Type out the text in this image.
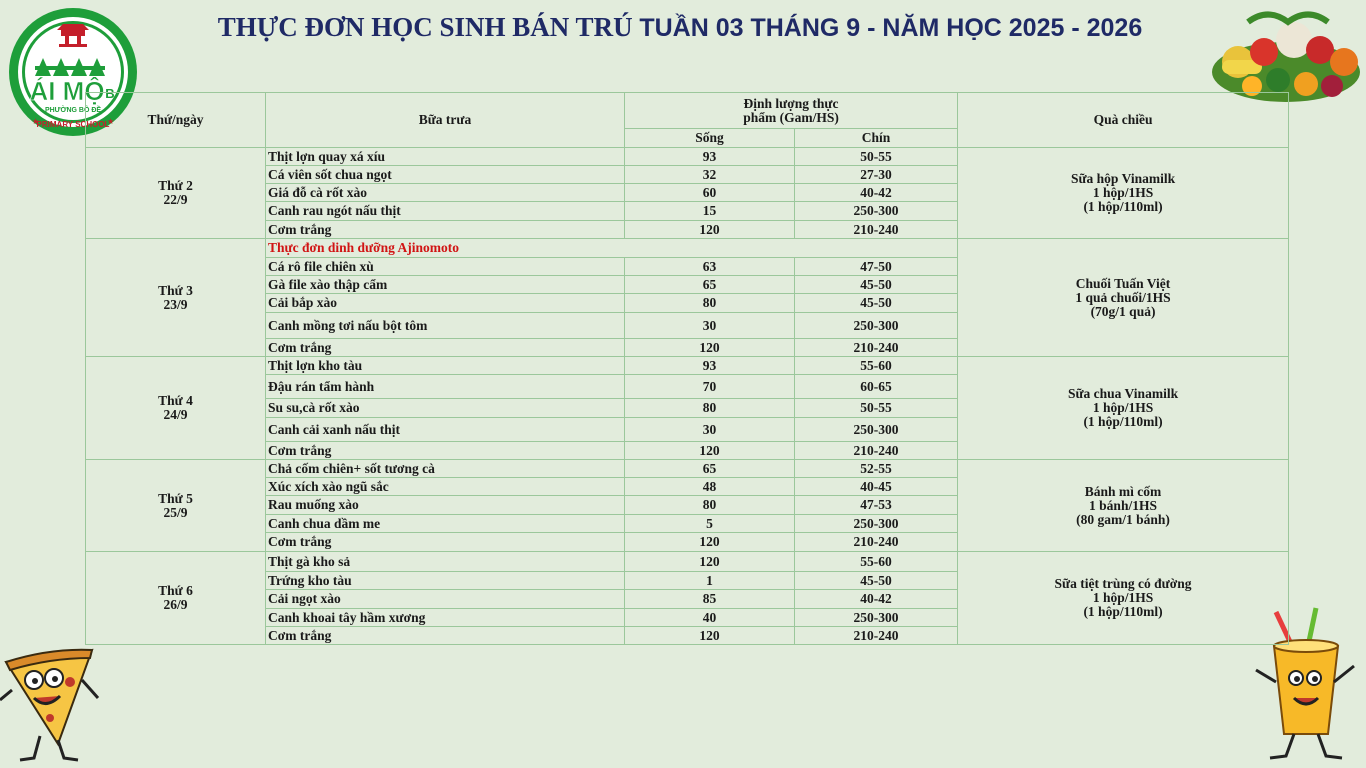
ÁI MỘ B
PHƯỜNG BỒ ĐỀ
PRIMARY SCHOOL
★	★
THỰC ĐƠN HỌC SINH BÁN TRÚ TUẦN 03 THÁNG 9 - NĂM HỌC 2025 - 2026
Thứ/ngày	Bữa trưa	Định lượng thực
phẩm (Gam/HS)		Quà chiều
		Sống	Chín	

Thứ 2
22/9	Thịt lợn quay xá xíu	93	50-55	Sữa hộp Vinamilk
1 hộp/1HS
(1 hộp/110ml)

	Cá viên sốt chua ngọt	32	27-30	
	Giá đỗ cà rốt xào	60	40-42	
	Canh rau ngót nấu thịt	15	250-300	
	Cơm trắng	120	210-240	

Thứ 3
23/9	Thực đơn dinh dưỡng Ajinomoto			Chuối Tuấn Việt
1 quả chuối/1HS
(70g/1 quả)

	Cá rô file chiên xù	63	47-50	
	Gà file xào thập cẩm	65	45-50	
	Cải bắp xào	80	45-50	
	Canh mồng tơi nấu bột tôm	30	250-300	
	Cơm trắng	120	210-240	

Thứ 4
24/9	Thịt lợn kho tàu	93	55-60	Sữa chua Vinamilk
1 hộp/1HS
(1 hộp/110ml)

	Đậu rán tẩm hành	70	60-65	
	Su su,cà rốt xào	80	50-55	
	Canh cải xanh nấu thịt	30	250-300	
	Cơm trắng	120	210-240	

Thứ 5
25/9	Chả cốm chiên+ sốt tương cà	65	52-55	Bánh mì cốm
1 bánh/1HS
(80 gam/1 bánh)

	Xúc xích xào ngũ sắc	48	40-45	
	Rau muống xào	80	47-53	
	Canh chua dầm me	5	250-300	
	Cơm trắng	120	210-240	

Thứ 6
26/9	Thịt gà kho sả	120	55-60	Sữa tiệt trùng có đường
1 hộp/1HS
(1 hộp/110ml)

	Trứng kho tàu	1	45-50	
	Cải ngọt xào	85	40-42	
	Canh khoai tây hầm xương	40	250-300	
	Cơm trắng	120	210-240	
